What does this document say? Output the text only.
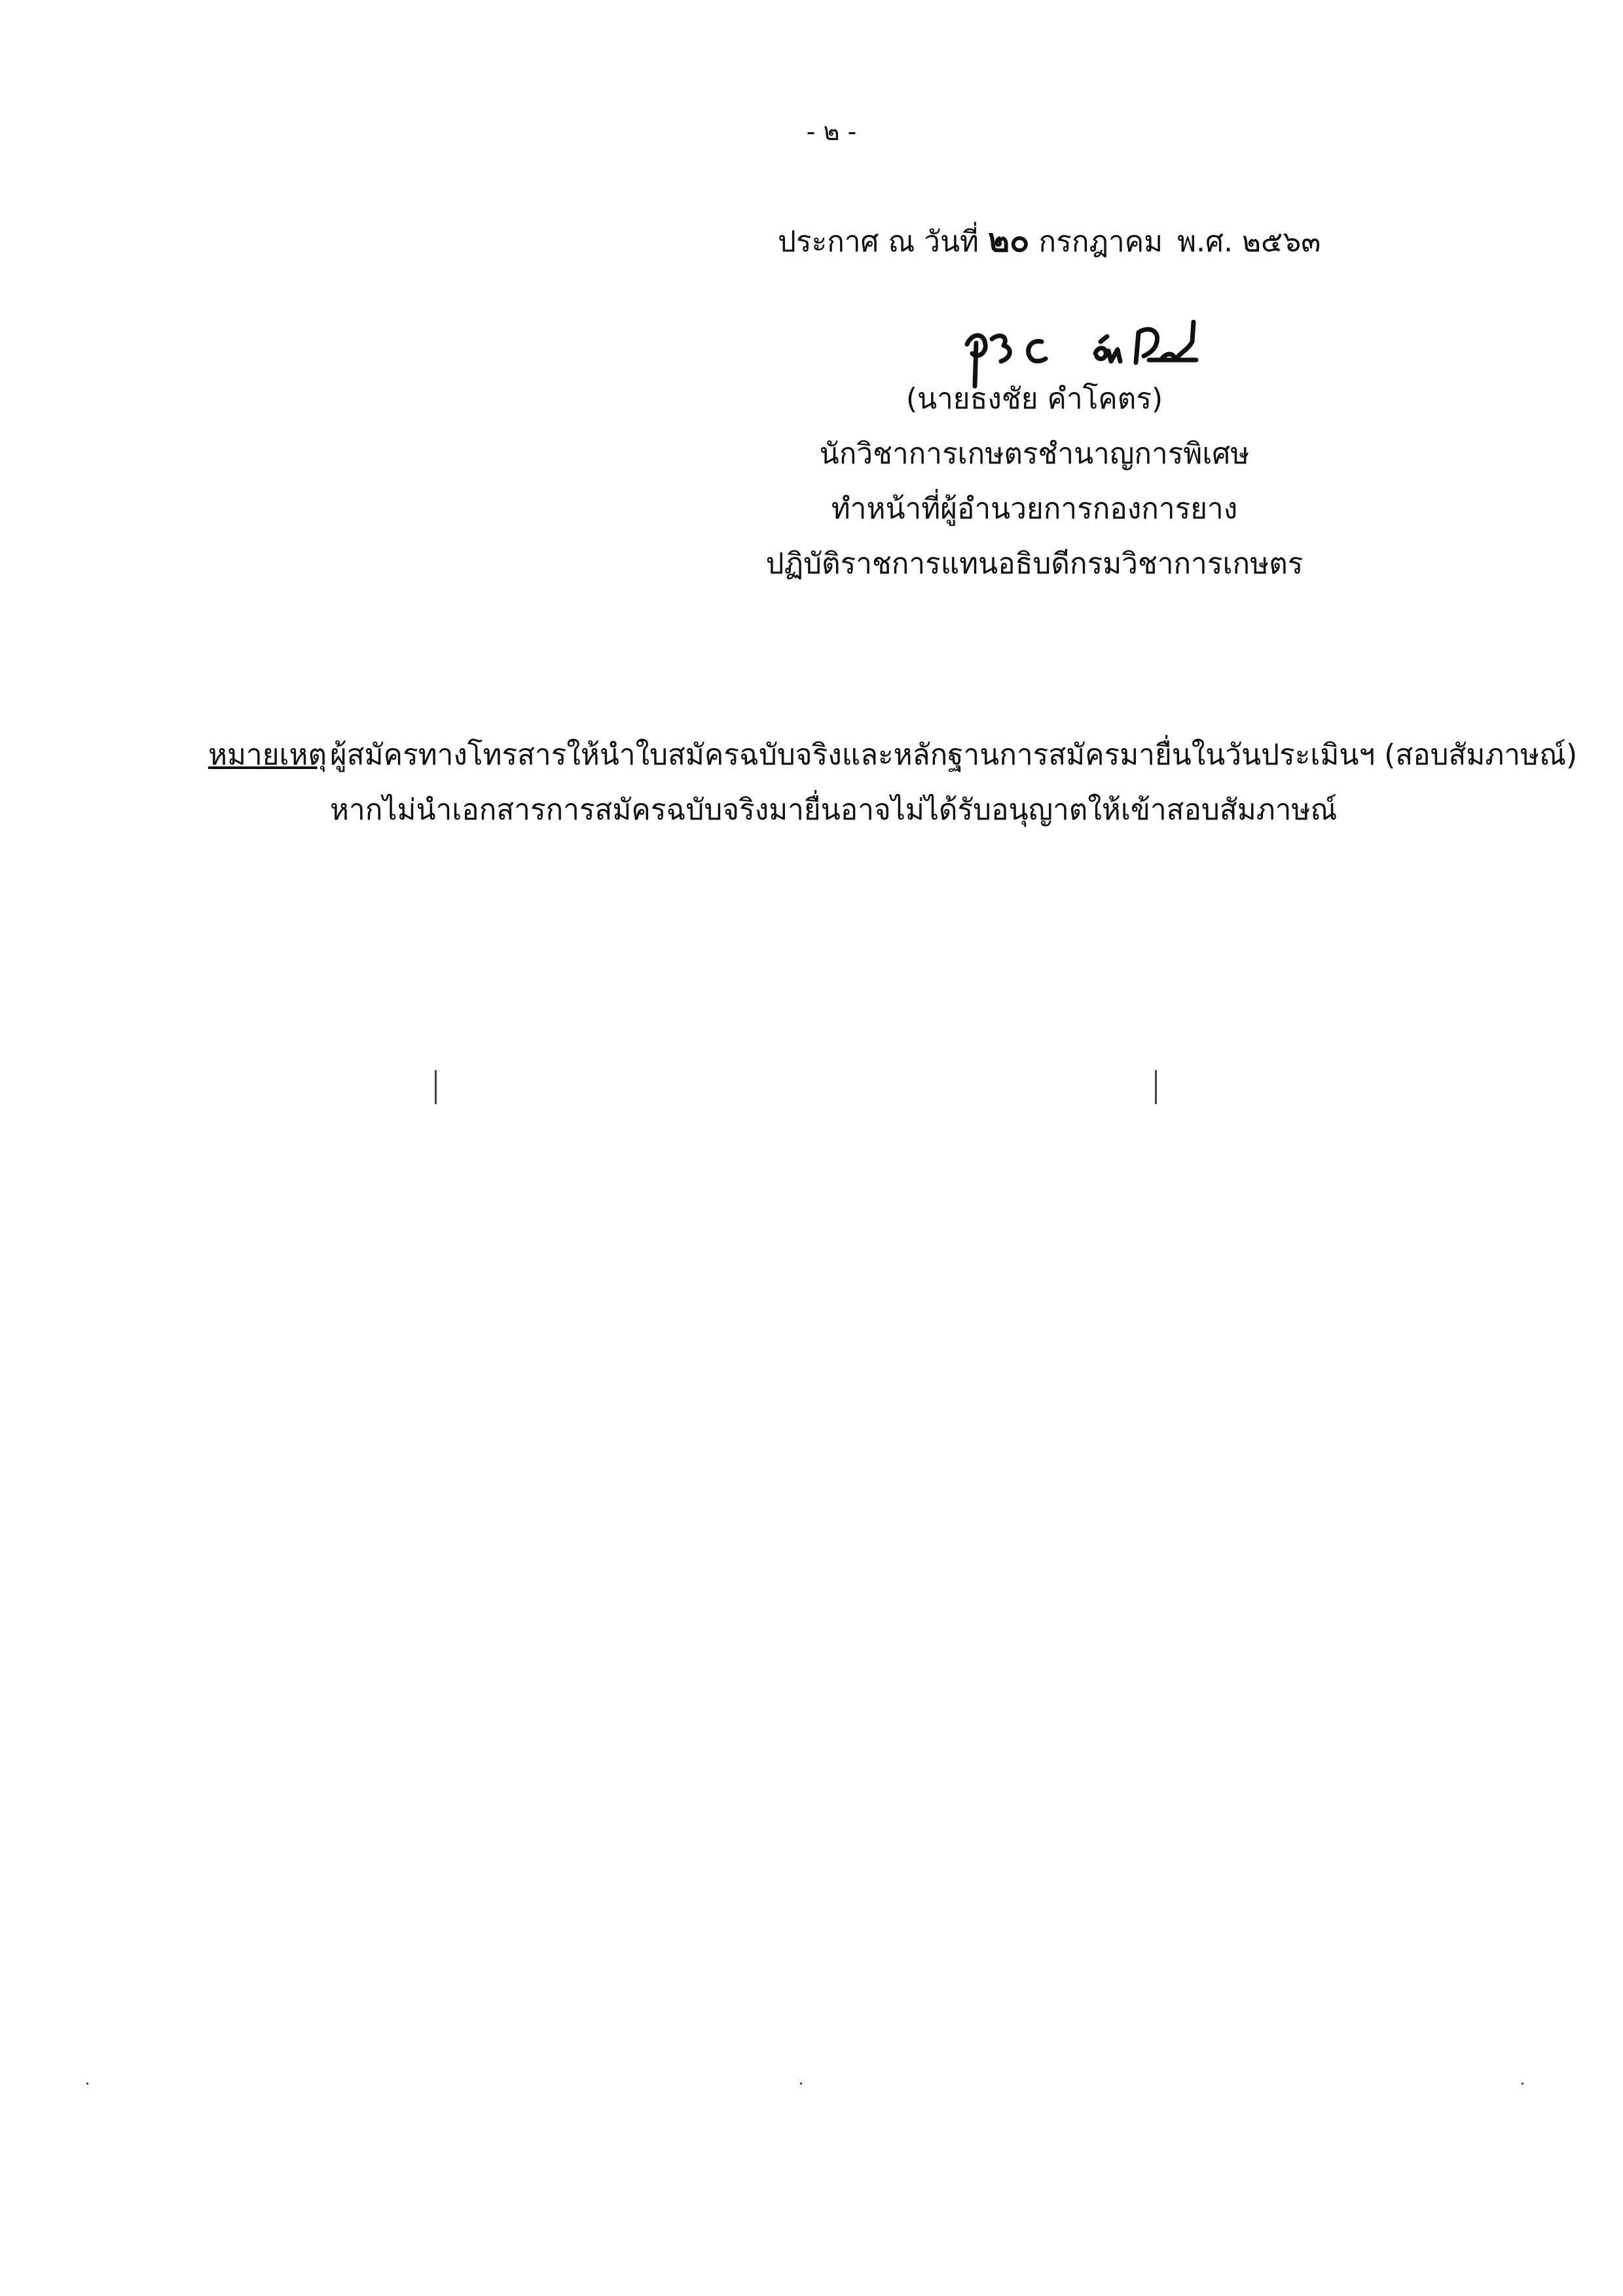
- ๒ -
ประกาศ ณ วันที่ ๒๐ กรกฎาคม พ.ศ. ๒๕๖๓
(นายธงชัย คำโคตร)
นักวิชาการเกษตรชำนาญการพิเศษ
ทำหน้าที่ผู้อำนวยการกองการยาง
ปฏิบัติราชการแทนอธิบดีกรมวิชาการเกษตร
หมายเหตุ ผู้สมัครทางโทรสารให้นำใบสมัครฉบับจริงและหลักฐานการสมัครมายื่นในวันประเมินฯ (สอบสัมภาษณ์)
หากไม่นำเอกสารการสมัครฉบับจริงมายื่นอาจไม่ได้รับอนุญาตให้เข้าสอบสัมภาษณ์
